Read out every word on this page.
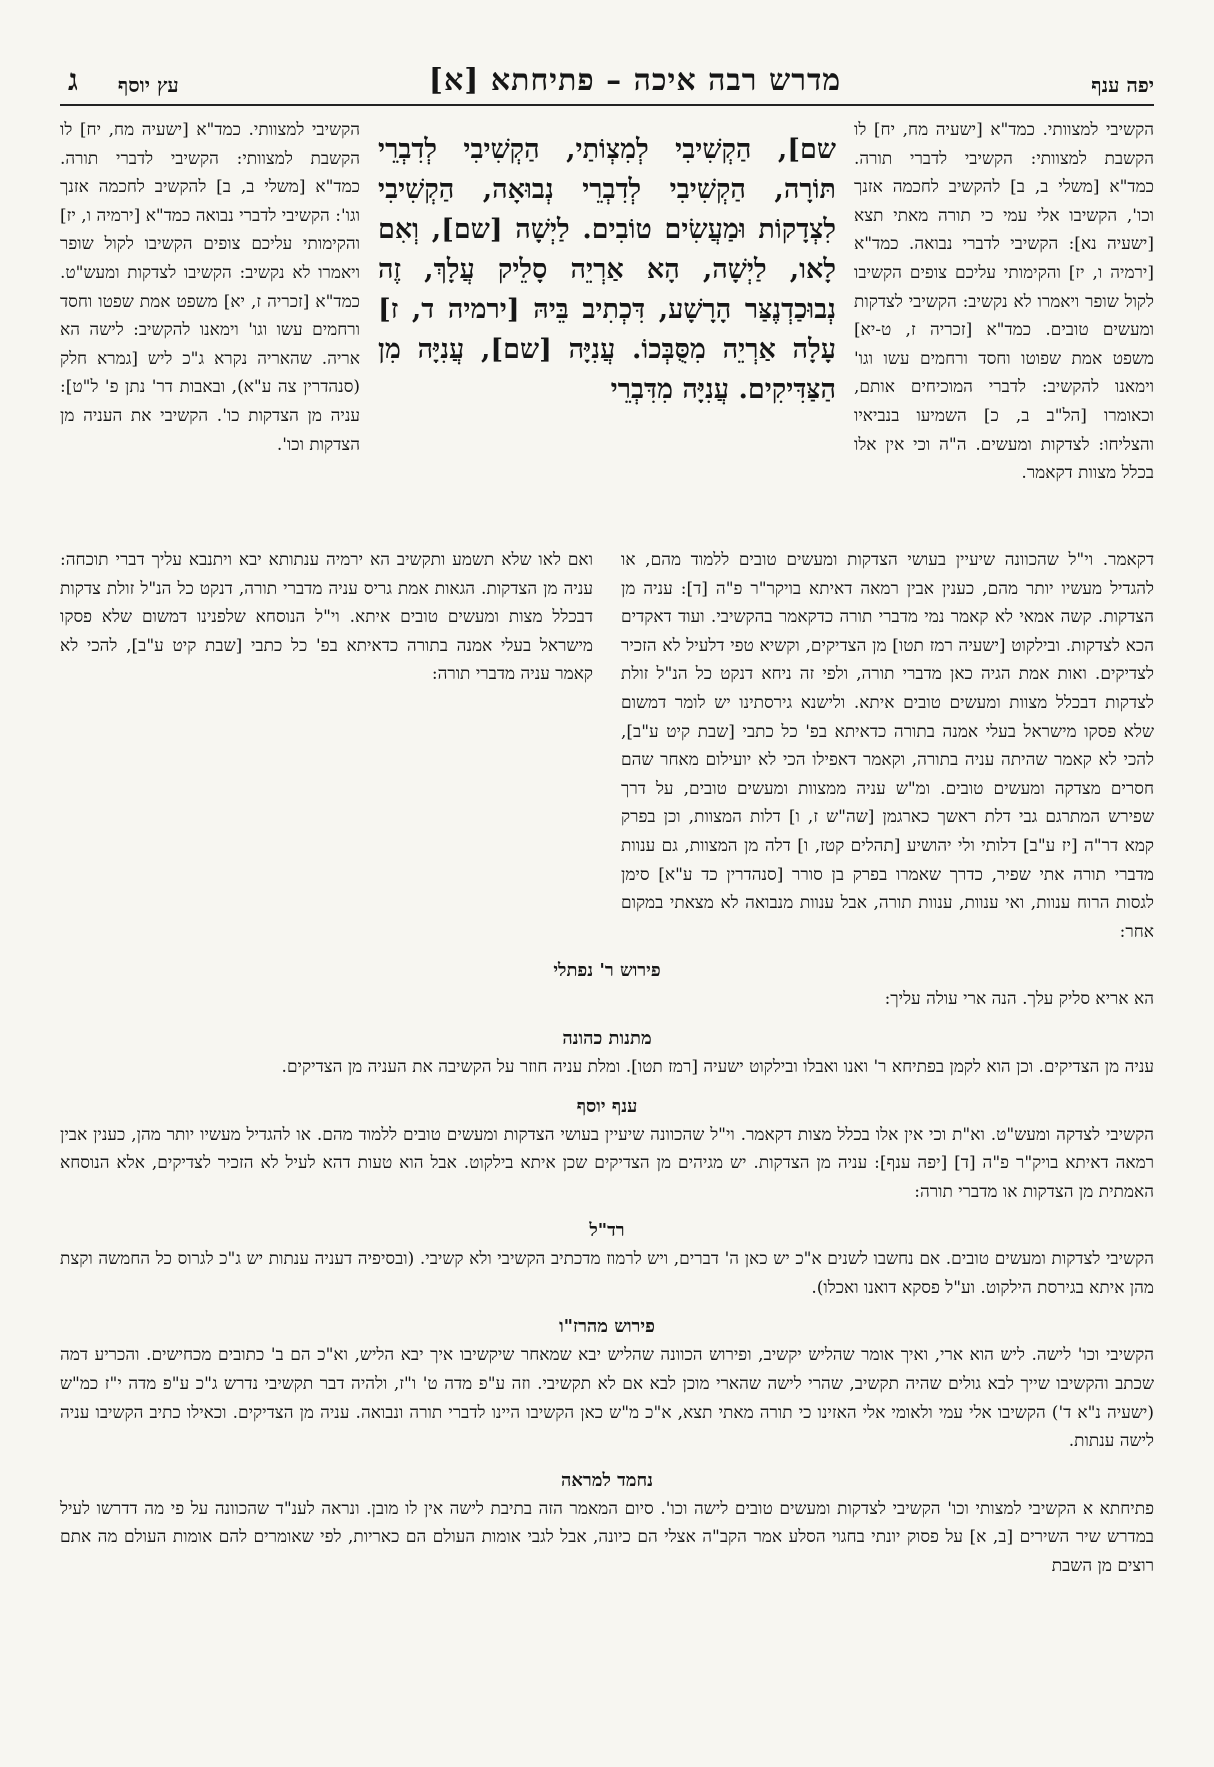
יפה ענף
מדרש רבה איכה – פתיחתא [א]
עץ יוסף
ג

הקשיבי למצוותי. כמד"א [ישעיה מח, יח] לו הקשבת למצוותי: הקשיבי לדברי תורה. כמד"א [משלי ב, ב] להקשיב לחכמה אזנך וכו', הקשיבו אלי עמי כי תורה מאתי תצא [ישעיה נא]: הקשיבי לדברי נבואה. כמד"א [ירמיה ו, יז] והקימותי עליכם צופים הקשיבו לקול שופר ויאמרו לא נקשיב: הקשיבי לצדקות ומעשים טובים. כמד"א [זכריה ז, ט-יא] משפט אמת שפוטו וחסד ורחמים עשו וגו' וימאנו להקשיב: לדברי המוכיחים אותם, וכאומרו [הל"ב ב, כ] השמיעו בנביאיו והצליחו: לצדקות ומעשים. ה"ה וכי אין אלו בכלל מצוות דקאמר.

שם], הַקְשִׁיבִי לְמִצְוֹתַי, הַקְשִׁיבִי לְדִבְרֵי תּוֹרָה, הַקְשִׁיבִי לְדִבְרֵי נְבוּאָה, הַקְשִׁיבִי לִצְדָקוֹת וּמַעֲשִׂים טוֹבִים. לַיְשָׁה [שם], וְאִם לָאו, לַיְשָׁה, הָא אַרְיֵה סָלֵיק עֲלָךְ, זֶה נְבוּכַדְנֶצַּר הָרָשָׁע, דִּכְתִיב בֵּיהּ [ירמיה ד, ז] עָלָה אַרְיֵה מִסֻּבְּכוֹ. עֲנִיָּה [שם], עֲנִיָּה מִן הַצַּדִּיקִים. עֲנִיָּה מִדִּבְרֵי

הקשיבי למצוותי. כמד"א [ישעיה מח, יח] לו הקשבת למצוותי: הקשיבי לדברי תורה. כמד"א [משלי ב, ב] להקשיב לחכמה אזנך וגו': הקשיבי לדברי נבואה כמד"א [ירמיה ו, יז] והקימותי עליכם צופים הקשיבו לקול שופר ויאמרו לא נקשיב: הקשיבו לצדקות ומעש"ט. כמד"א [זכריה ז, יא] משפט אמת שפטו וחסד ורחמים עשו וגו' וימאנו להקשיב: לישה הא אריה. שהאריה נקרא ג"כ ליש [גמרא חלק (סנהדרין צה ע"א), ובאבות דר' נתן פ' ל"ט]: עניה מן הצדקות כו'. הקשיבי את העניה מן הצדקות וכו'.

דקאמר. וי"ל שהכוונה שיעיין בעושי הצדקות ומעשים טובים ללמוד מהם, או להגדיל מעשיו יותר מהם, כענין אבין רמאה דאיתא בויקר"ר פ"ה [ד]: עניה מן הצדקות. קשה אמאי לא קאמר נמי מדברי תורה כדקאמר בהקשיבי. ועוד דאקדים הכא לצדקות. ובילקוט [ישעיה רמז תטו] מן הצדיקים, וקשיא טפי דלעיל לא הזכיר לצדיקים. ואות אמת הגיה כאן מדברי תורה, ולפי זה ניחא דנקט כל הנ"ל זולת לצדקות דבכלל מצוות ומעשים טובים איתא. ולישנא גירסתינו יש לומר דמשום שלא פסקו מישראל בעלי אמנה בתורה כדאיתא בפ' כל כתבי [שבת קיט ע"ב], להכי לא קאמר שהיתה עניה בתורה, וקאמר דאפילו הכי לא יועילום מאחר שהם חסרים מצדקה ומעשים טובים. ומ"ש עניה ממצוות ומעשים טובים, על דרך שפירש המתרגם גבי דלת ראשך כארגמן [שה"ש ז, ו] דלות המצוות, וכן בפרק קמא דר"ה [יז ע"ב] דלותי ולי יהושיע [תהלים קטז, ו] דלה מן המצוות, גם ענוות מדברי תורה אתי שפיר, כדרך שאמרו בפרק בן סורר [סנהדרין כד ע"א] סימן לגסות הרוח ענוות, ואי ענוות, ענוות תורה, אבל ענוות מנבואה לא מצאתי במקום אחר:
ואם לאו שלא תשמע ותקשיב הא ירמיה ענתותא יבא ויתנבא עליך דברי תוכחה: עניה מן הצדקות. הגאות אמת גריס עניה מדברי תורה, דנקט כל הנ"ל זולת צדקות דבכלל מצות ומעשים טובים איתא. וי"ל הנוסחא שלפנינו דמשום שלא פסקו מישראל בעלי אמנה בתורה כדאיתא בפ' כל כתבי [שבת קיט ע"ב], להכי לא קאמר עניה מדברי תורה:
פירוש ר' נפתלי
הא אריא סליק עלך. הנה ארי עולה עליך:
מתנות כהונה
עניה מן הצדיקים. וכן הוא לקמן בפתיחא ר' ואנו ואבלו ובילקוט ישעיה [רמז תטו]. ומלת עניה חוזר על הקשיבה את העניה מן הצדיקים.
ענף יוסף
הקשיבי לצדקה ומעש"ט. וא"ת וכי אין אלו בכלל מצות דקאמר. וי"ל שהכוונה שיעיין בעושי הצדקות ומעשים טובים ללמוד מהם. או להגדיל מעשיו יותר מהן, כענין אבין רמאה דאיתא בויק"ר פ"ה [ד] [יפה ענף]: עניה מן הצדקות. יש מגיהים מן הצדיקים שכן איתא בילקוט. אבל הוא טעות דהא לעיל לא הזכיר לצדיקים, אלא הנוסחא האמתית מן הצדקות או מדברי תורה:
רד"ל
הקשיבי לצדקות ומעשים טובים. אם נחשבו לשנים א"כ יש כאן ה' דברים, ויש לרמוז מדכתיב הקשיבי ולא קשיבי. (ובסיפיה דעניה ענתות יש ג"כ לגרוס כל החמשה וקצת מהן איתא בגירסת הילקוט. וע"ל פסקא דואנו ואכלו).
פירוש מהרז"ו
הקשיבי וכו' לישה. ליש הוא ארי, ואיך אומר שהליש יקשיב, ופירוש הכוונה שהליש יבא שמאחר שיקשיבו איך יבא הליש, וא"כ הם ב' כתובים מכחישים. והכריע דמה שכתב והקשיבו שייך לבא גולים שהיה תקשיב, שהרי לישה שהארי מוכן לבא אם לא תקשיבי. וזה ע"פ מדה ט' ו"ז, ולהיה דבר תקשיבי נדרש ג"כ ע"פ מדה י"ז כמ"ש (ישעיה נ"א ד') הקשיבו אלי עמי ולאומי אלי האזינו כי תורה מאתי תצא, א"כ מ"ש כאן הקשיבו היינו לדברי תורה ונבואה. עניה מן הצדיקים. וכאילו כתיב הקשיבו עניה לישה ענתות.
נחמד למראה
פתיחתא א הקשיבי למצותי וכו' הקשיבי לצדקות ומעשים טובים לישה וכו'. סיום המאמר הזה בתיבת לישה אין לו מובן. ונראה לענ"ד שהכוונה על פי מה דדרשו לעיל במדרש שיר השירים [ב, א] על פסוק יונתי בחגוי הסלע אמר הקב"ה אצלי הם כיונה, אבל לגבי אומות העולם הם כאריות, לפי שאומרים להם אומות העולם מה אתם רוצים מן השבת
